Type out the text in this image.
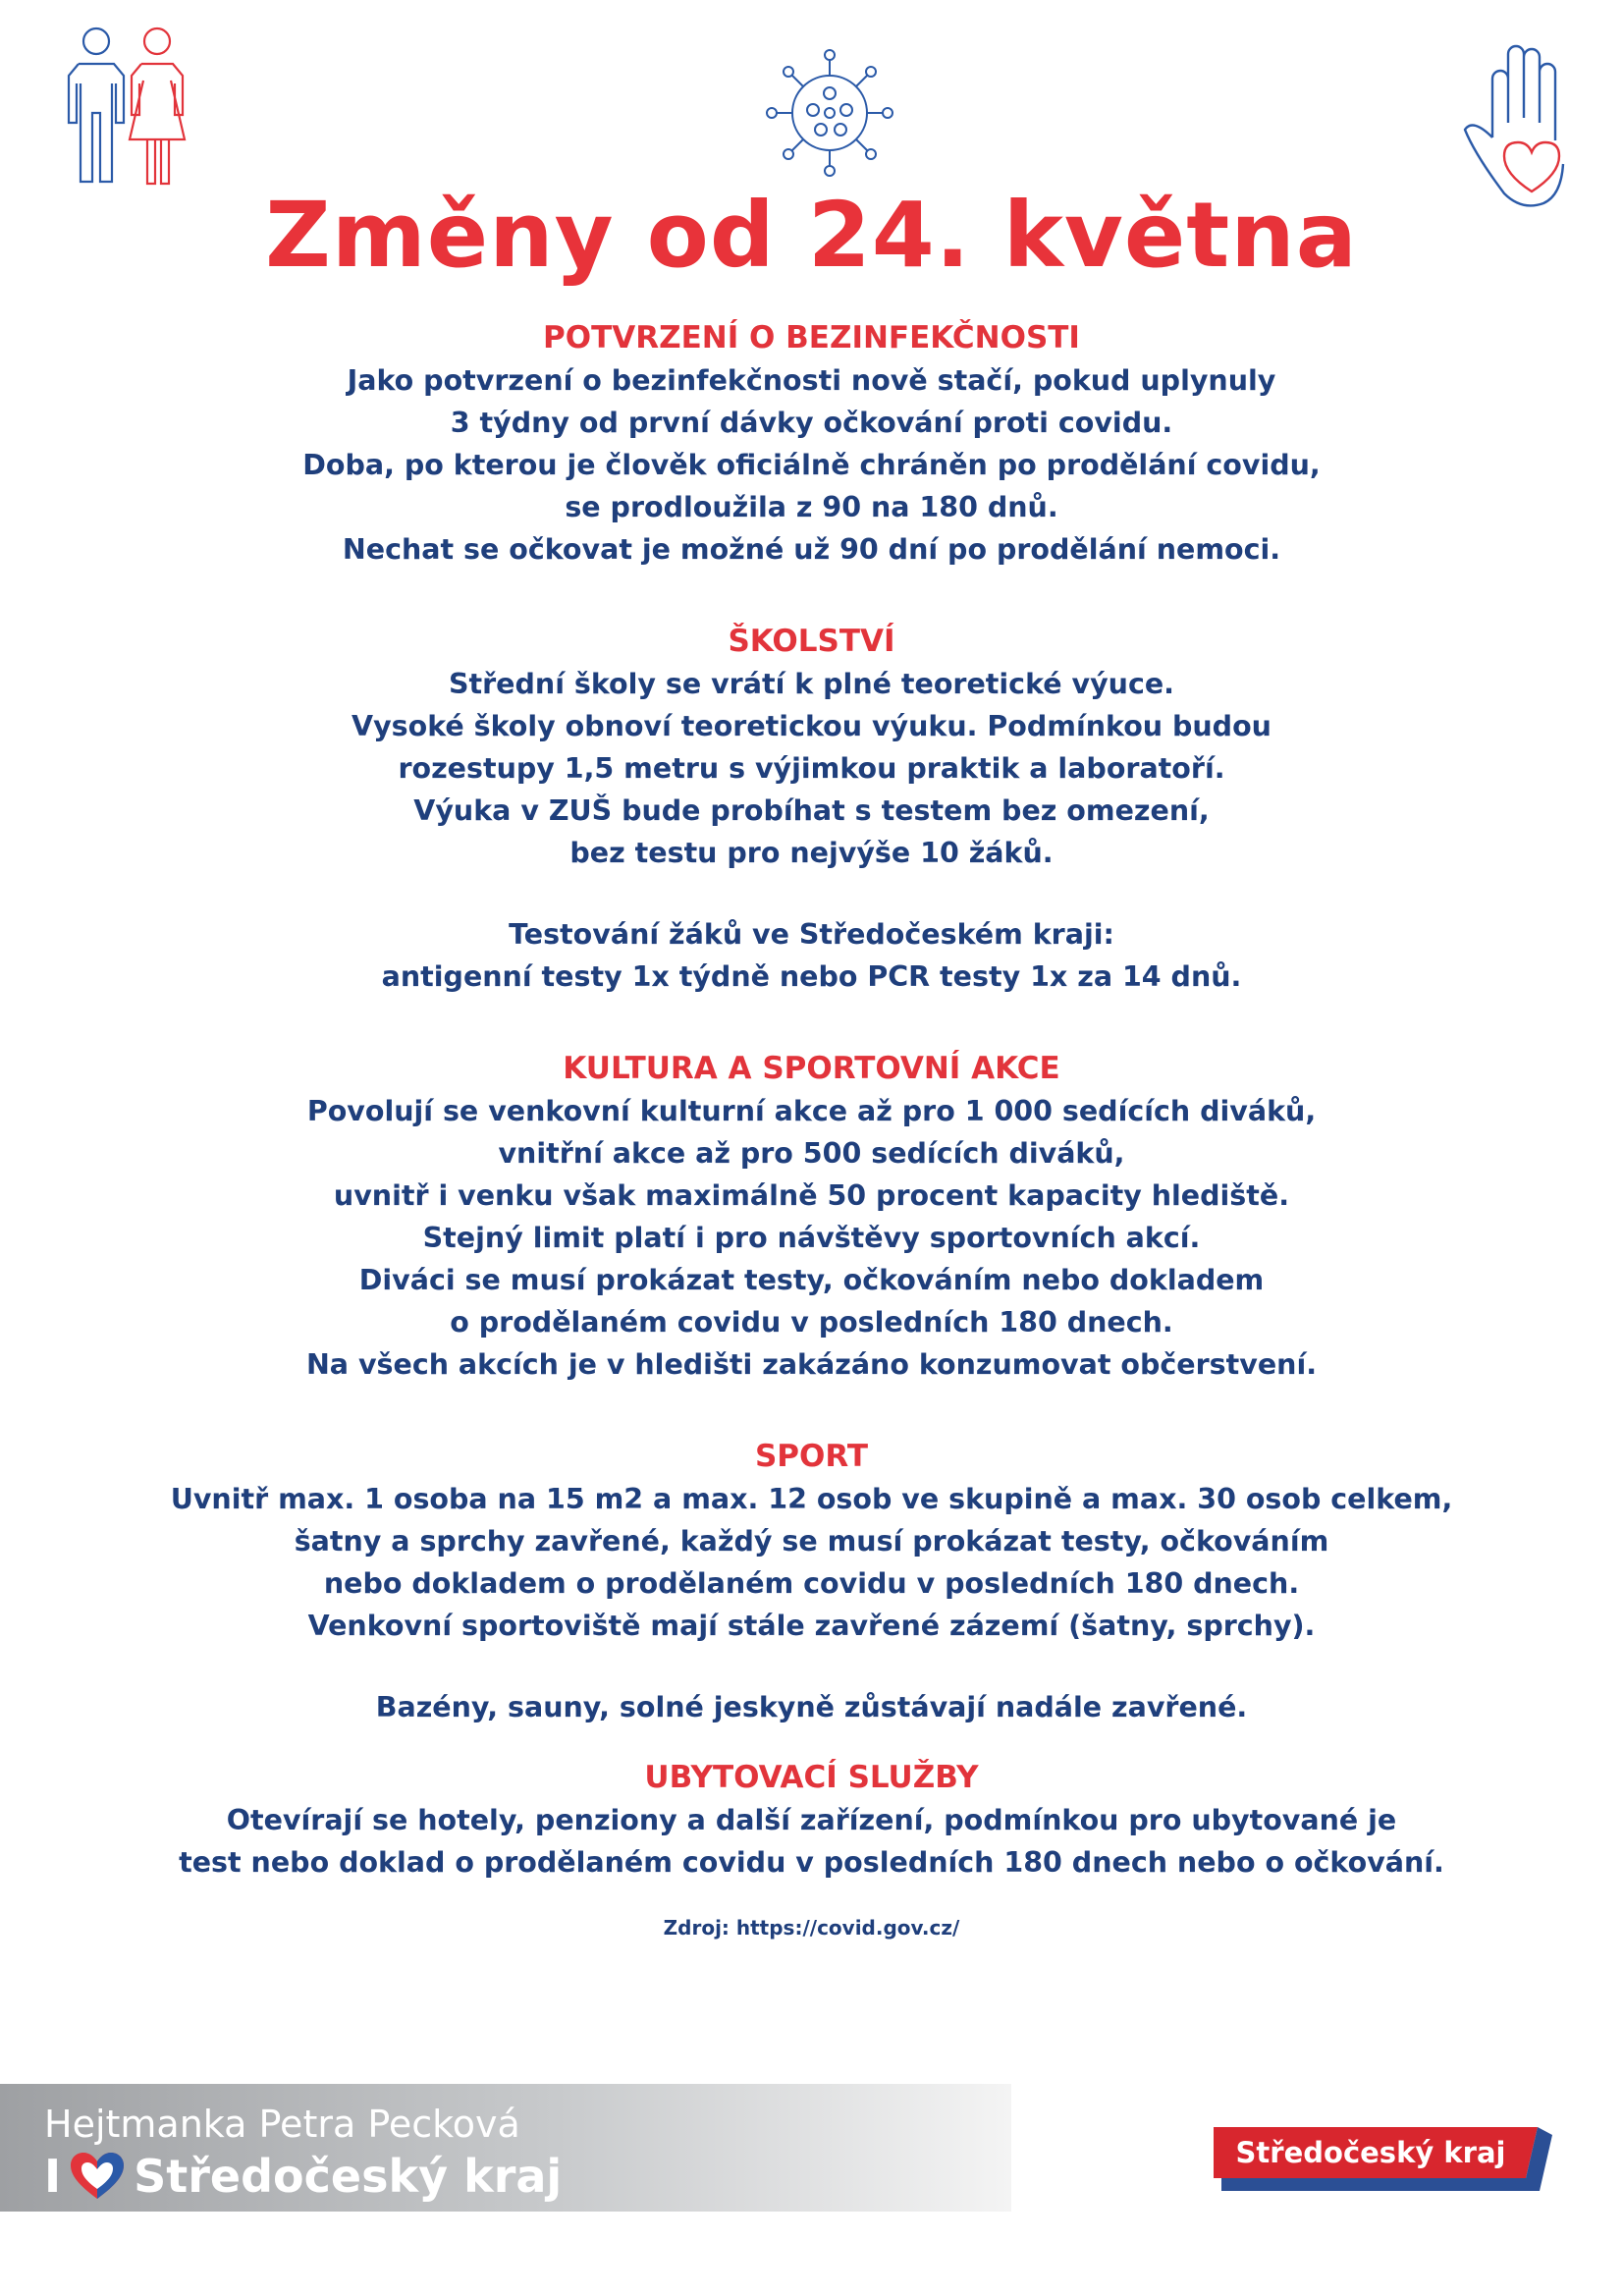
Změny od 24. května
POTVRZENÍ O BEZINFEKČNOSTI
Jako potvrzení o bezinfekčnosti nově stačí, pokud uplynuly
3 týdny od první dávky očkování proti covidu.
Doba, po kterou je člověk oficiálně chráněn po prodělání covidu,
se prodloužila z 90 na 180 dnů.
Nechat se očkovat je možné už 90 dní po prodělání nemoci.
ŠKOLSTVÍ
Střední školy se vrátí k plné teoretické výuce.
Vysoké školy obnoví teoretickou výuku. Podmínkou budou
rozestupy 1,5 metru s výjimkou praktik a laboratoří.
Výuka v ZUŠ bude probíhat s testem bez omezení,
bez testu pro nejvýše 10 žáků.
Testování žáků ve Středočeském kraji:
antigenní testy 1x týdně nebo PCR testy 1x za 14 dnů.
KULTURA A SPORTOVNÍ AKCE
Povolují se venkovní kulturní akce až pro 1 000 sedících diváků,
vnitřní akce až pro 500 sedících diváků,
uvnitř i venku však maximálně 50 procent kapacity hlediště.
Stejný limit platí i pro návštěvy sportovních akcí.
Diváci se musí prokázat testy, očkováním nebo dokladem
o prodělaném covidu v posledních 180 dnech.
Na všech akcích je v hledišti zakázáno konzumovat občerstvení.
SPORT
Uvnitř max. 1 osoba na 15 m2 a max. 12 osob ve skupině a max. 30 osob celkem,
šatny a sprchy zavřené, každý se musí prokázat testy, očkováním
nebo dokladem o prodělaném covidu v posledních 180 dnech.
Venkovní sportoviště mají stále zavřené zázemí (šatny, sprchy).
Bazény, sauny, solné jeskyně zůstávají nadále zavřené.
UBYTOVACÍ SLUŽBY
Otevírají se hotely, penziony a další zařízení, podmínkou pro ubytované je
test nebo doklad o prodělaném covidu v posledních 180 dnech nebo o očkování.
Zdroj: https://covid.gov.cz/
Hejtmanka Petra Pecková
I Středočeský kraj	Středočeský kraj
